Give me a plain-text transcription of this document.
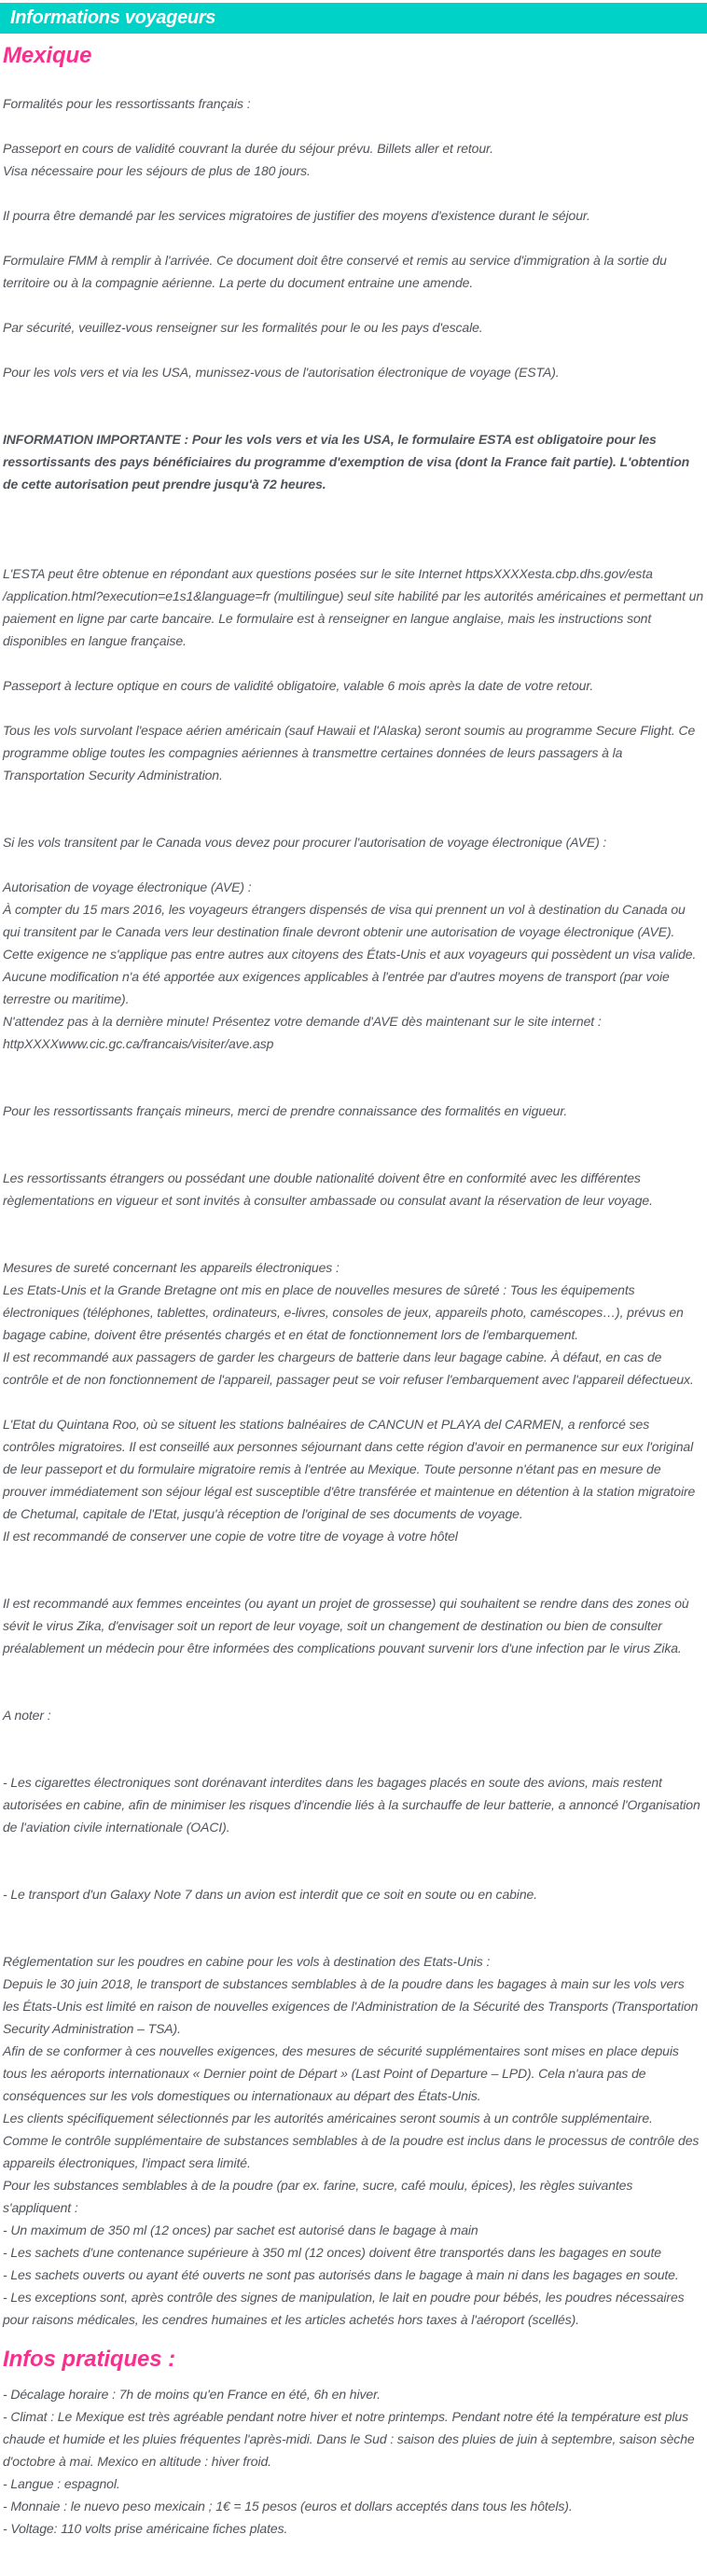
Informations voyageurs
Mexique

Formalités pour les ressortissants français :

Passeport en cours de validité couvrant la durée du séjour prévu. Billets aller et retour.

Visa nécessaire pour les séjours de plus de 180 jours.

Il pourra être demandé par les services migratoires de justifier des moyens d'existence durant le séjour.

Formulaire FMM à remplir à l'arrivée. Ce document doit être conservé et remis au service d'immigration à la sortie du territoire ou à la compagnie aérienne. La perte du document entraine une amende.

Par sécurité, veuillez-vous renseigner sur les formalités pour le ou les pays d'escale.

Pour les vols vers et via les USA, munissez-vous de l'autorisation électronique de voyage (ESTA).

INFORMATION IMPORTANTE : Pour les vols vers et via les USA, le formulaire ESTA est obligatoire pour les ressortissants des pays bénéficiaires du programme d'exemption de visa (dont la France fait partie). L'obtention de cette autorisation peut prendre jusqu'à 72 heures.

L'ESTA peut être obtenue en répondant aux questions posées sur le site Internet httpsXXXXesta.cbp.dhs.gov/esta /application.html?execution=e1s1&language=fr (multilingue) seul site habilité par les autorités américaines et permettant un paiement en ligne par carte bancaire. Le formulaire est à renseigner en langue anglaise, mais les instructions sont disponibles en langue française.

Passeport à lecture optique en cours de validité obligatoire, valable 6 mois après la date de votre retour.

Tous les vols survolant l'espace aérien américain (sauf Hawaii et l'Alaska) seront soumis au programme Secure Flight. Ce programme oblige toutes les compagnies aériennes à transmettre certaines données de leurs passagers à la Transportation Security Administration.

Si les vols transitent par le Canada vous devez pour procurer l'autorisation de voyage électronique (AVE) :

Autorisation de voyage électronique (AVE) :

À compter du 15 mars 2016, les voyageurs étrangers dispensés de visa qui prennent un vol à destination du Canada ou qui transitent par le Canada vers leur destination finale devront obtenir une autorisation de voyage électronique (AVE). Cette exigence ne s'applique pas entre autres aux citoyens des États-Unis et aux voyageurs qui possèdent un visa valide. Aucune modification n'a été apportée aux exigences applicables à l'entrée par d'autres moyens de transport (par voie terrestre ou maritime).

N'attendez pas à la dernière minute! Présentez votre demande d'AVE dès maintenant sur le site internet : httpXXXXwww.cic.gc.ca/francais/visiter/ave.asp

Pour les ressortissants français mineurs, merci de prendre connaissance des formalités en vigueur.

Les ressortissants étrangers ou possédant une double nationalité doivent être en conformité avec les différentes règlementations en vigueur et sont invités à consulter ambassade ou consulat avant la réservation de leur voyage.

Mesures de sureté concernant les appareils électroniques :

Les Etats-Unis et la Grande Bretagne ont mis en place de nouvelles mesures de sûreté : Tous les équipements électroniques (téléphones, tablettes, ordinateurs, e-livres, consoles de jeux, appareils photo, caméscopes…), prévus en bagage cabine, doivent être présentés chargés et en état de fonctionnement lors de l'embarquement.

Il est recommandé aux passagers de garder les chargeurs de batterie dans leur bagage cabine. À défaut, en cas de contrôle et de non fonctionnement de l'appareil, passager peut se voir refuser l'embarquement avec l'appareil défectueux.

L'Etat du Quintana Roo, où se situent les stations balnéaires de CANCUN et PLAYA del CARMEN, a renforcé ses contrôles migratoires. Il est conseillé aux personnes séjournant dans cette région d'avoir en permanence sur eux l'original de leur passeport et du formulaire migratoire remis à l'entrée au Mexique. Toute personne n'étant pas en mesure de prouver immédiatement son séjour légal est susceptible d'être transférée et maintenue en détention à la station migratoire de Chetumal, capitale de l'Etat, jusqu'à réception de l'original de ses documents de voyage.

Il est recommandé de conserver une copie de votre titre de voyage à votre hôtel

Il est recommandé aux femmes enceintes (ou ayant un projet de grossesse) qui souhaitent se rendre dans des zones où sévit le virus Zika, d'envisager soit un report de leur voyage, soit un changement de destination ou bien de consulter préalablement un médecin pour être informées des complications pouvant survenir lors d'une infection par le virus Zika.

A noter :

- Les cigarettes électroniques sont dorénavant interdites dans les bagages placés en soute des avions, mais restent autorisées en cabine, afin de minimiser les risques d'incendie liés à la surchauffe de leur batterie, a annoncé l'Organisation de l'aviation civile internationale (OACI).

- Le transport d'un Galaxy Note 7 dans un avion est interdit que ce soit en soute ou en cabine.

Réglementation sur les poudres en cabine pour les vols à destination des Etats-Unis :

Depuis le 30 juin 2018, le transport de substances semblables à de la poudre dans les bagages à main sur les vols vers les États-Unis est limité en raison de nouvelles exigences de l'Administration de la Sécurité des Transports (Transportation Security Administration – TSA).

Afin de se conformer à ces nouvelles exigences, des mesures de sécurité supplémentaires sont mises en place depuis tous les aéroports internationaux « Dernier point de Départ » (Last Point of Departure – LPD). Cela n'aura pas de conséquences sur les vols domestiques ou internationaux au départ des États-Unis.

Les clients spécifiquement sélectionnés par les autorités américaines seront soumis à un contrôle supplémentaire.

Comme le contrôle supplémentaire de substances semblables à de la poudre est inclus dans le processus de contrôle des appareils électroniques, l'impact sera limité.

Pour les substances semblables à de la poudre (par ex. farine, sucre, café moulu, épices), les règles suivantes s'appliquent :

- Un maximum de 350 ml (12 onces) par sachet est autorisé dans le bagage à main

- Les sachets d'une contenance supérieure à 350 ml (12 onces) doivent être transportés dans les bagages en soute

- Les sachets ouverts ou ayant été ouverts ne sont pas autorisés dans le bagage à main ni dans les bagages en soute.

- Les exceptions sont, après contrôle des signes de manipulation, le lait en poudre pour bébés, les poudres nécessaires pour raisons médicales, les cendres humaines et les articles achetés hors taxes à l'aéroport (scellés).

Infos pratiques :

- Décalage horaire : 7h de moins qu'en France en été, 6h en hiver.

- Climat : Le Mexique est très agréable pendant notre hiver et notre printemps. Pendant notre été la température est plus chaude et humide et les pluies fréquentes l'après-midi. Dans le Sud : saison des pluies de juin à septembre, saison sèche d'octobre à mai. Mexico en altitude : hiver froid.

- Langue : espagnol.

- Monnaie : le nuevo peso mexicain ; 1€ = 15 pesos (euros et dollars acceptés dans tous les hôtels).

- Voltage: 110 volts prise américaine fiches plates.
